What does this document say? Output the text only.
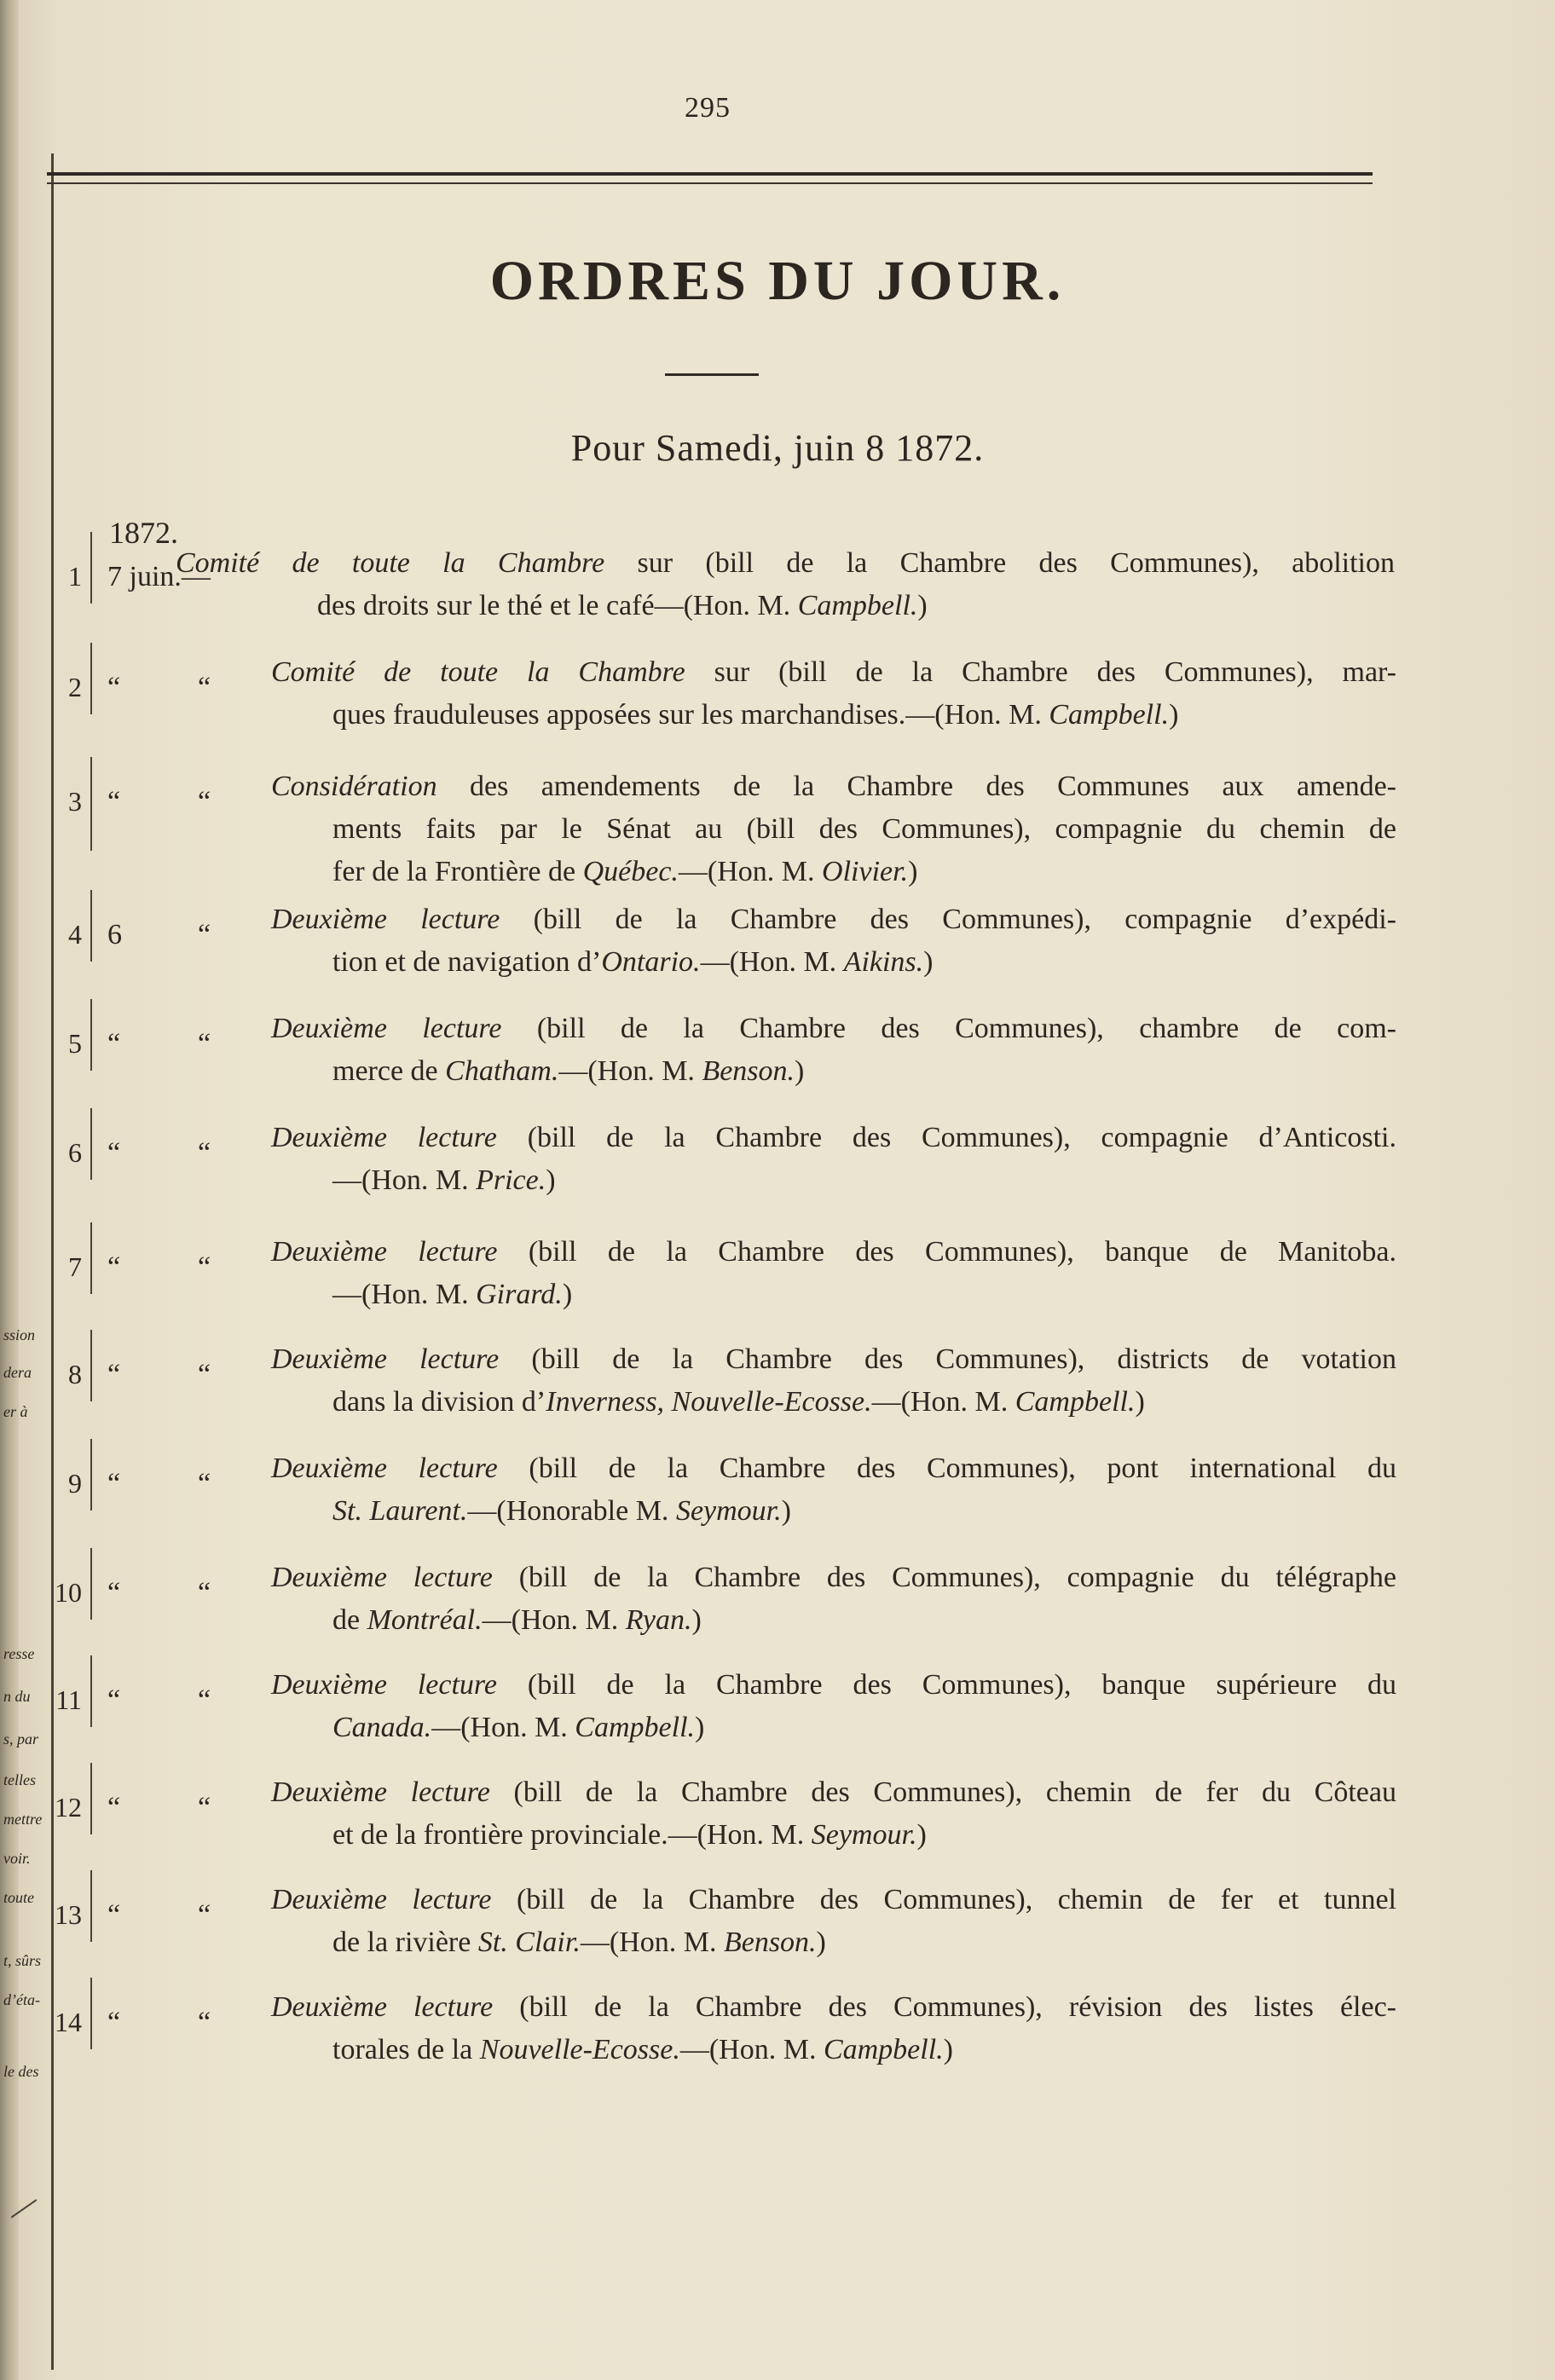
ssion
dera
er à
resse
n du
s, par
telles
mettre
voir.
toute
t, sûrs
d’éta-
le des
295
ORDRES DU JOUR.
Pour Samedi, juin 8 1872.
1872.
1 7 juin.—
Comité de toute la Chambre sur (bill de la Chambre des Communes), abolition
des droits sur le thé et le café—(Hon. M. Campbell.)
2 “	“ Comité de toute la Chambre sur (bill de la Chambre des Communes), mar-
ques frauduleuses apposées sur les marchandises.—(Hon. M. Campbell.)
3 “	“ Considération des amendements de la Chambre des Communes aux amende-
ments faits par le Sénat au (bill des Communes), compagnie du chemin de
fer de la Frontière de Québec.—(Hon. M. Olivier.)
4 6	“ Deuxième lecture (bill de la Chambre des Communes), compagnie d’expédi-
tion et de navigation d’Ontario.—(Hon. M. Aikins.)
5 “	“ Deuxième lecture (bill de la Chambre des Communes), chambre de com-
merce de Chatham.—(Hon. M. Benson.)
6 “	“ Deuxième lecture (bill de la Chambre des Communes), compagnie d’Anticosti.
—(Hon. M. Price.)
7 “	“ Deuxième lecture (bill de la Chambre des Communes), banque de Manitoba.
—(Hon. M. Girard.)
8 “	“ Deuxième lecture (bill de la Chambre des Communes), districts de votation
dans la division d’Inverness, Nouvelle-Ecosse.—(Hon. M. Campbell.)
9 “	“ Deuxième lecture (bill de la Chambre des Communes), pont international du
St. Laurent.—(Honorable M. Seymour.)
10 “	“ Deuxième lecture (bill de la Chambre des Communes), compagnie du télégraphe
de Montréal.—(Hon. M. Ryan.)
11 “	“ Deuxième lecture (bill de la Chambre des Communes), banque supérieure du
Canada.—(Hon. M. Campbell.)
12 “	“ Deuxième lecture (bill de la Chambre des Communes), chemin de fer du Côteau
et de la frontière provinciale.—(Hon. M. Seymour.)
13 “	“ Deuxième lecture (bill de la Chambre des Communes), chemin de fer et tunnel
de la rivière St. Clair.—(Hon. M. Benson.)
14 “	“ Deuxième lecture (bill de la Chambre des Communes), révision des listes élec-
torales de la Nouvelle-Ecosse.—(Hon. M. Campbell.)
